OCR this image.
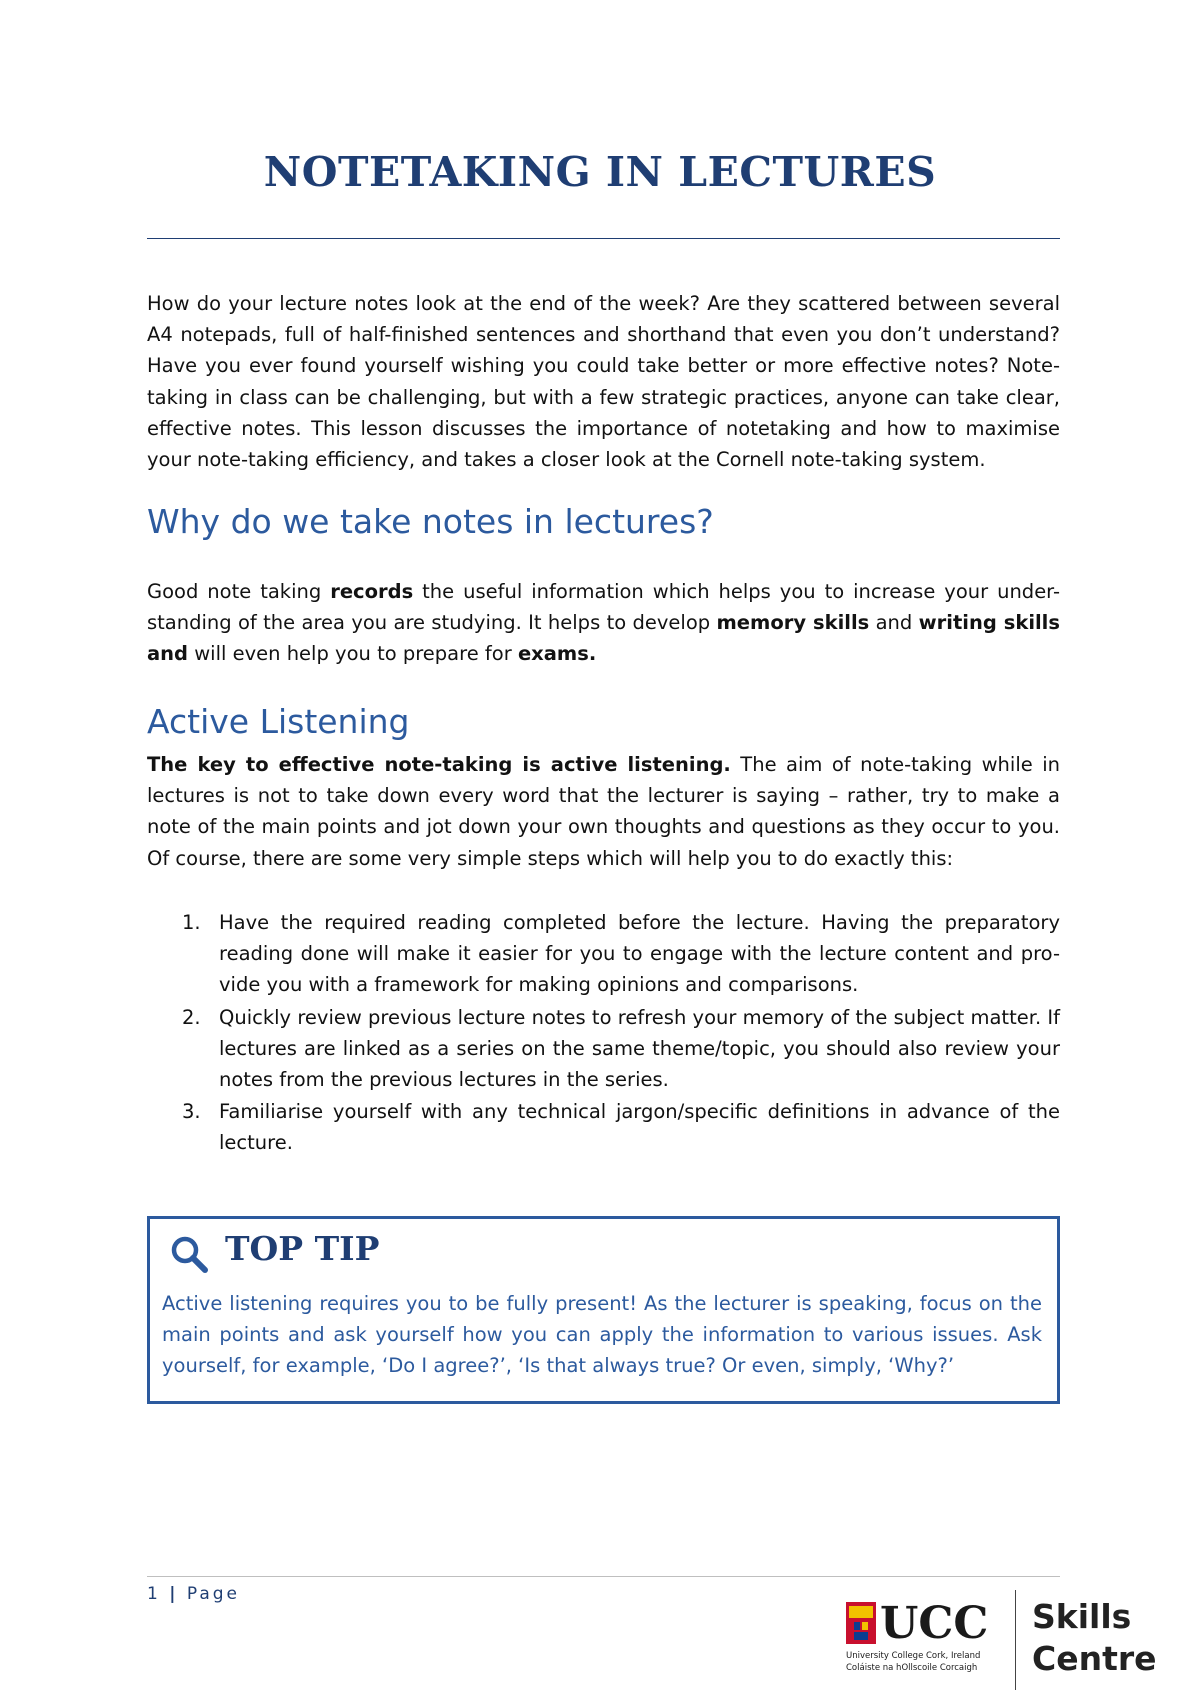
NOTETAKING IN LECTURES

How do your lecture notes look at the end of the week? Are they scattered between several A4 notepads, full of half-finished sentences and shorthand that even you don’t understand? Have you ever found yourself wishing you could take better or more effective notes? Note-taking in class can be challenging, but with a few strategic practices, anyone can take clear, effective notes. This lesson discusses the importance of notetaking and how to maximise your note-taking efficiency, and takes a closer look at the Cornell note-taking system.

Why do we take notes in lectures?

Good note taking records the useful information which helps you to increase your under-standing of the area you are studying. It helps to develop memory skills and writing skills and will even help you to prepare for exams.

Active Listening

The key to effective note-taking is active listening. The aim of note-taking while in lectures is not to take down every word that the lecturer is saying – rather, try to make a note of the main points and jot down your own thoughts and questions as they occur to you. Of course, there are some very simple steps which will help you to do exactly this:

1. Have the required reading completed before the lecture. Having the preparatory reading done will make it easier for you to engage with the lecture content and pro-vide you with a framework for making opinions and comparisons.
2. Quickly review previous lecture notes to refresh your memory of the subject matter. If lectures are linked as a series on the same theme/topic, you should also review your notes from the previous lectures in the series.
3. Familiarise yourself with any technical jargon/specific definitions in advance of the lecture.
TOP TIP

Active listening requires you to be fully present! As the lecturer is speaking, focus on the main points and ask yourself how you can apply the information to various issues. Ask yourself, for example, ‘Do I agree?’, ‘Is that always true? Or even, simply, ‘Why?’

1 | Page
UCC
University College Cork, Ireland
Coláiste na hOllscoile Corcaigh
Skills
Centre
